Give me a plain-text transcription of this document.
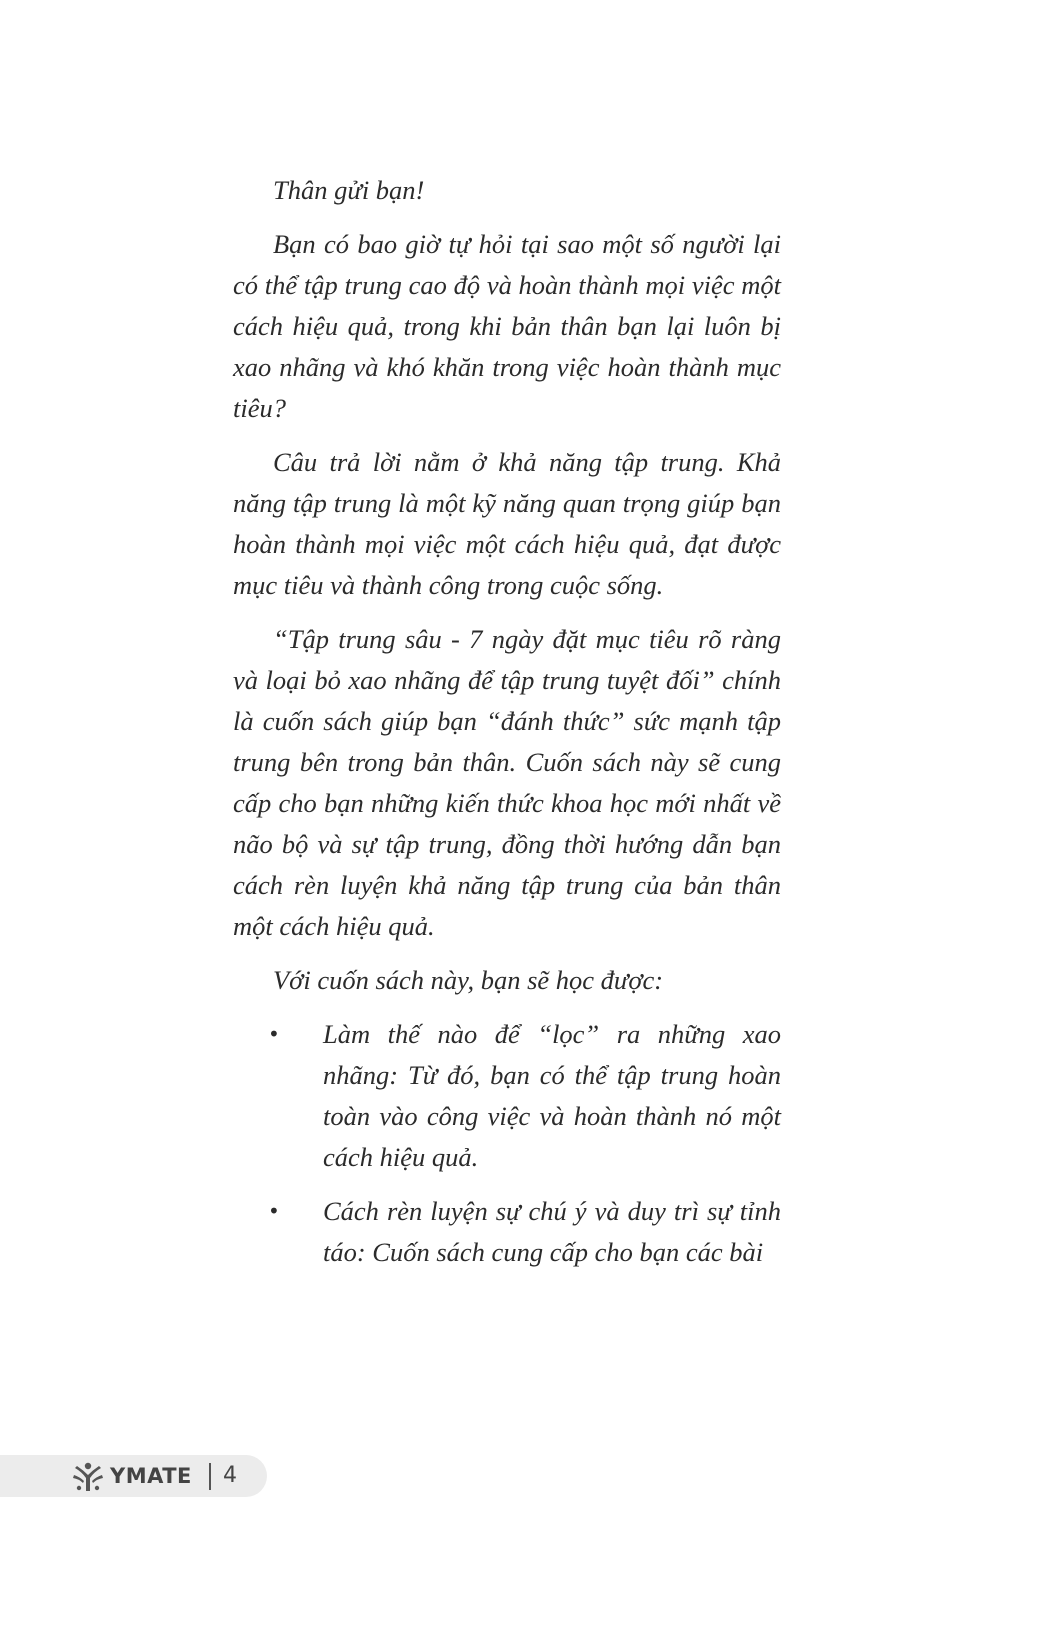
Thân gửi bạn!

Bạn có bao giờ tự hỏi tại sao một số người lại có thể tập trung cao độ và hoàn thành mọi việc một cách hiệu quả, trong khi bản thân bạn lại luôn bị xao nhãng và khó khăn trong việc hoàn thành mục tiêu?

Câu trả lời nằm ở khả năng tập trung. Khả năng tập trung là một kỹ năng quan trọng giúp bạn hoàn thành mọi việc một cách hiệu quả, đạt được mục tiêu và thành công trong cuộc sống.

“Tập trung sâu - 7 ngày đặt mục tiêu rõ ràng và loại bỏ xao nhãng để tập trung tuyệt đối” chính là cuốn sách giúp bạn “đánh thức” sức mạnh tập trung bên trong bản thân. Cuốn sách này sẽ cung cấp cho bạn những kiến thức khoa học mới nhất về não bộ và sự tập trung, đồng thời hướng dẫn bạn cách rèn luyện khả năng tập trung của bản thân một cách hiệu quả.

Với cuốn sách này, bạn sẽ học được:

• Làm thế nào để “lọc” ra những xao nhãng: Từ đó, bạn có thể tập trung hoàn toàn vào công việc và hoàn thành nó một cách hiệu quả.
• Cách rèn luyện sự chú ý và duy trì sự tỉnh táo: Cuốn sách cung cấp cho bạn các bài
YMATE 4
